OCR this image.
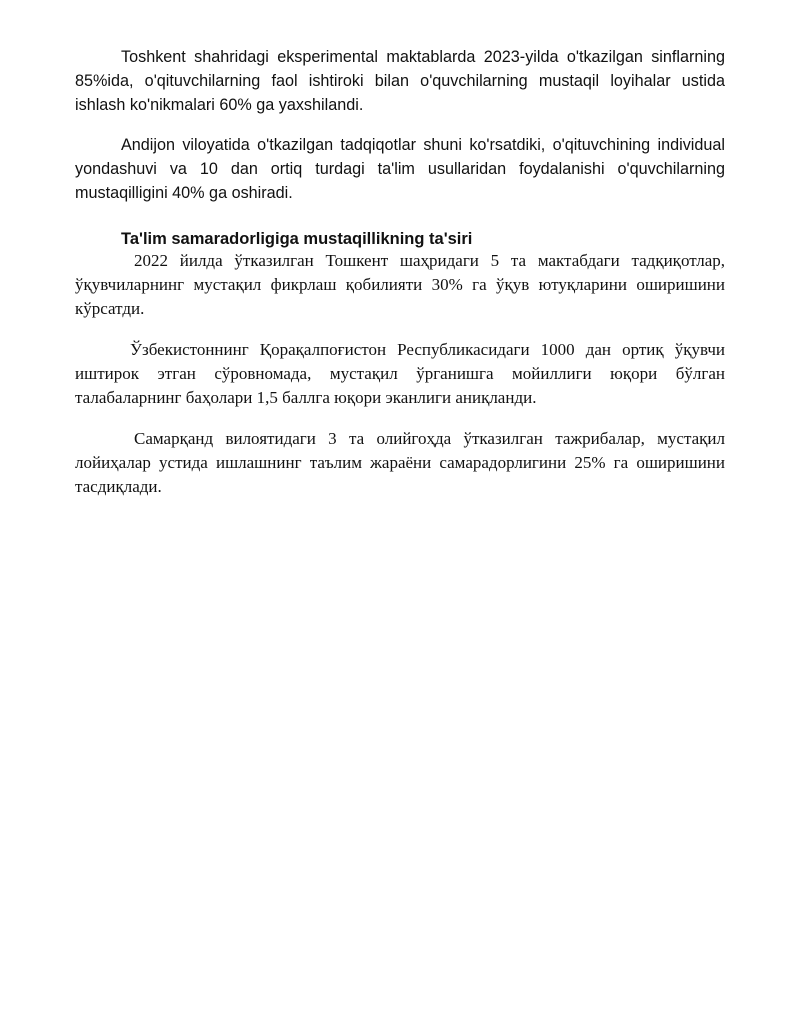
Toshkent shahridagi eksperimental maktablarda 2023-yilda o'tkazilgan sinflarning 85%ida, o'qituvchilarning faol ishtiroki bilan o'quvchilarning mustaqil loyihalar ustida ishlash ko'nikmalari 60% ga yaxshilandi.

Andijon viloyatida o'tkazilgan tadqiqotlar shuni ko'rsatdiki, o'qituvchining individual yondashuvi va 10 dan ortiq turdagi ta'lim usullaridan foydalanishi o'quvchilarning mustaqilligini 40% ga oshiradi.

Ta'lim samaradorligiga mustaqillikning ta'siri

2022 йилда ўтказилган Тошкент шаҳридаги 5 та мактабдаги тадқиқотлар, ўқувчиларнинг мустақил фикрлаш қобилияти 30% га ўқув ютуқларини оширишини кўрсатди.

Ўзбекистоннинг Қорақалпоғистон Республикасидаги 1000 дан ортиқ ўқувчи иштирок этган сўровномада, мустақил ўрганишга мойиллиги юқори бўлган талабаларнинг баҳолари 1,5 баллга юқори эканлиги аниқланди.

Самарқанд вилоятидаги 3 та олийгоҳда ўтказилган тажрибалар, мустақил лойиҳалар устида ишлашнинг таълим жараёни самарадорлигини 25% га оширишини тасдиқлади.
